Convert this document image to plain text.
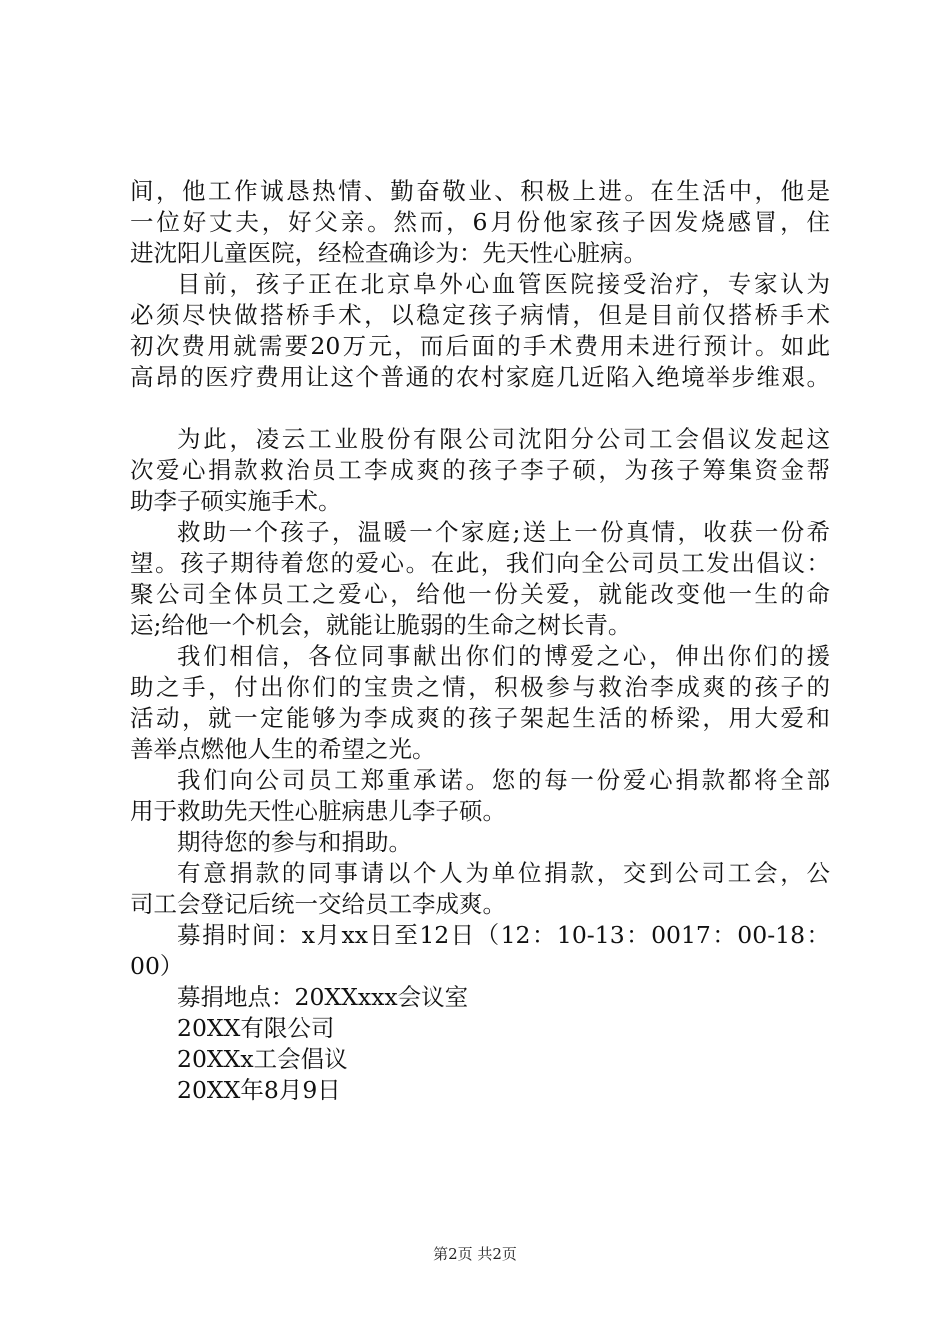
间，他工作诚恳热情、勤奋敬业、积极上进。在生活中，他是
一位好丈夫，好父亲。然而，6月份他家孩子因发烧感冒，住
进沈阳儿童医院，经检查确诊为：先天性心脏病。
目前，孩子正在北京阜外心血管医院接受治疗，专家认为
必须尽快做搭桥手术，以稳定孩子病情，但是目前仅搭桥手术
初次费用就需要20万元，而后面的手术费用未进行预计。如此
高昂的医疗费用让这个普通的农村家庭几近陷入绝境举步维艰。
为此，凌云工业股份有限公司沈阳分公司工会倡议发起这
次爱心捐款救治员工李成爽的孩子李子硕，为孩子筹集资金帮
助李子硕实施手术。
救助一个孩子，温暖一个家庭;送上一份真情，收获一份希
望。孩子期待着您的爱心。在此，我们向全公司员工发出倡议：
聚公司全体员工之爱心，给他一份关爱，就能改变他一生的命
运;给他一个机会，就能让脆弱的生命之树长青。
我们相信，各位同事献出你们的博爱之心，伸出你们的援
助之手，付出你们的宝贵之情，积极参与救治李成爽的孩子的
活动，就一定能够为李成爽的孩子架起生活的桥梁，用大爱和
善举点燃他人生的希望之光。
我们向公司员工郑重承诺。您的每一份爱心捐款都将全部
用于救助先天性心脏病患儿李子硕。
期待您的参与和捐助。
有意捐款的同事请以个人为单位捐款，交到公司工会，公
司工会登记后统一交给员工李成爽。
募捐时间：x月xx日至12日（12：10-13：0017：00-18：
00）
募捐地点：20XXxxx会议室
20XX有限公司
20XXx工会倡议
20XX年8月9日
第2页 共2页
